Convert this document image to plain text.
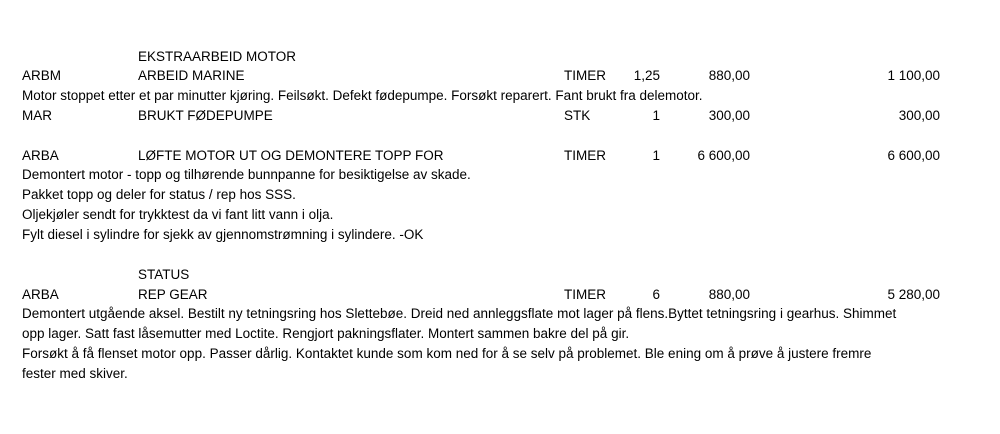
EKSTRAARBEID MOTOR
ARBM	ARBEID MARINE	TIMER	1,25	880,00	1 100,00
Motor stoppet etter et par minutter kjøring. Feilsøkt. Defekt fødepumpe. Forsøkt reparert. Fant brukt fra delemotor.
MAR	BRUKT FØDEPUMPE	STK	1	300,00	300,00
ARBA	LØFTE MOTOR UT OG DEMONTERE TOPP FOR	TIMER	1	6 600,00	6 600,00
Demontert motor - topp og tilhørende bunnpanne for besiktigelse av skade.
Pakket topp og deler for status / rep hos SSS.
Oljekjøler sendt for trykktest da vi fant litt vann i olja.
Fylt diesel i sylindre for sjekk av gjennomstrømning i sylindere. -OK
STATUS
ARBA	REP GEAR	TIMER	6	880,00	5 280,00
Demontert utgående aksel. Bestilt ny tetningsring hos Slettebøe. Dreid ned annleggsflate mot lager på flens.Byttet tetningsring i gearhus. Shimmet
opp lager. Satt fast låsemutter med Loctite. Rengjort pakningsflater. Montert sammen bakre del på gir.
Forsøkt å få flenset motor opp. Passer dårlig. Kontaktet kunde som kom ned for å se selv på problemet. Ble ening om å prøve å justere fremre
fester med skiver.
